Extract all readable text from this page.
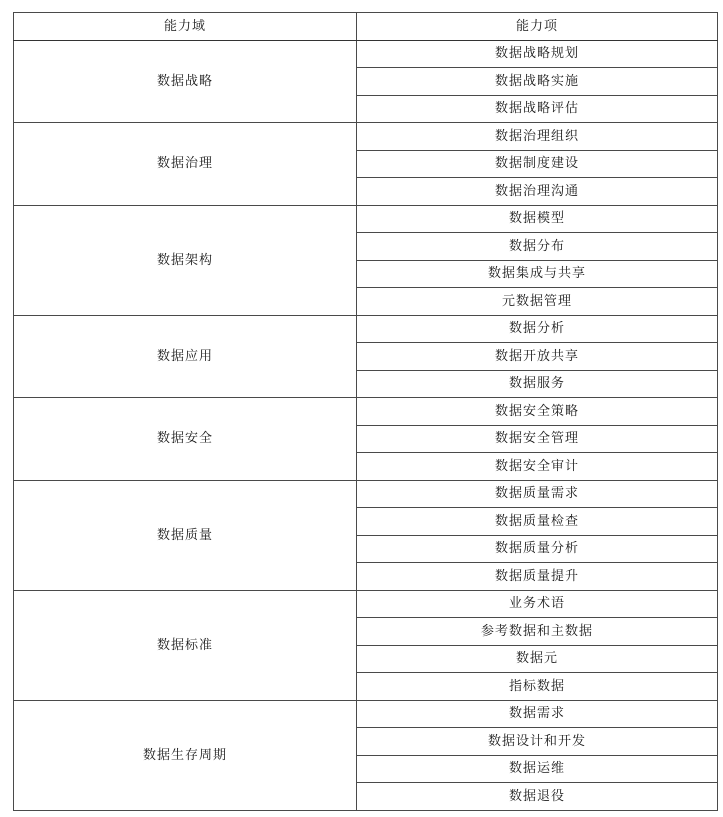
能力域	能力项
数据战略	数据战略规划
	数据战略实施
	数据战略评估
数据治理	数据治理组织
	数据制度建设
	数据治理沟通
数据架构	数据模型
	数据分布
	数据集成与共享
	元数据管理
数据应用	数据分析
	数据开放共享
	数据服务
数据安全	数据安全策略
	数据安全管理
	数据安全审计
数据质量	数据质量需求
	数据质量检查
	数据质量分析
	数据质量提升
数据标准	业务术语
	参考数据和主数据
	数据元
	指标数据
数据生存周期	数据需求
	数据设计和开发
	数据运维
	数据退役
